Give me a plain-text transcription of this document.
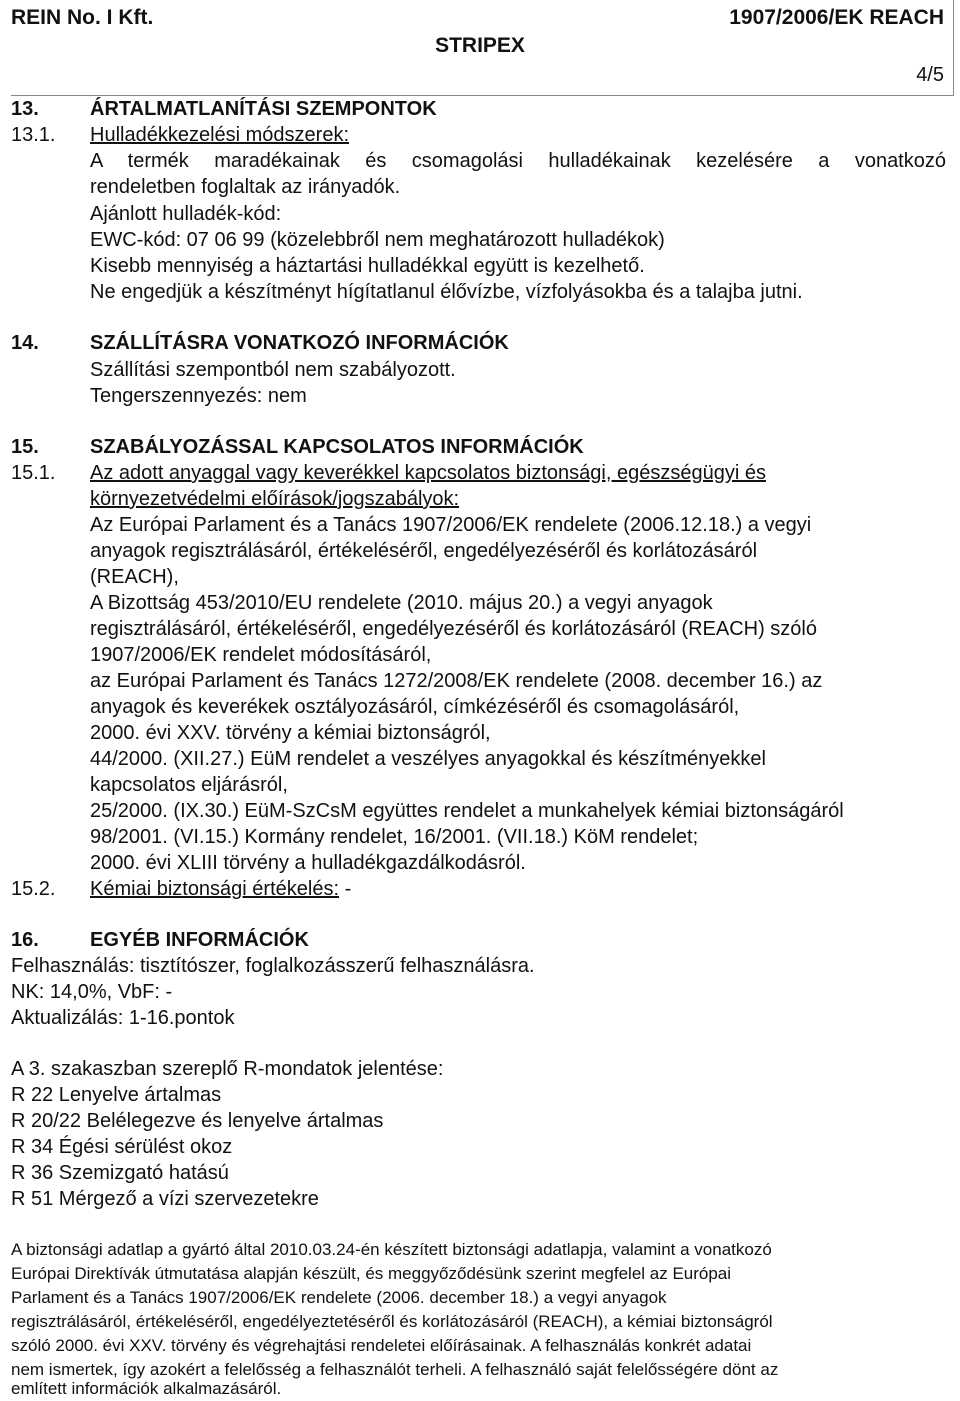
REIN No. I Kft.	1907/2006/EK REACH
STRIPEX
4/5
13.	ÁRTALMATLANÍTÁSI SZEMPONTOK
13.1. Hulladékkezelési módszerek:
A termék maradékainak és csomagolási hulladékainak kezelésére a vonatkozó
rendeletben foglaltak az irányadók.
Ajánlott hulladék-kód:
EWC-kód: 07 06 99 (közelebbről nem meghatározott hulladékok)
Kisebb mennyiség a háztartási hulladékkal együtt is kezelhető.
Ne engedjük a készítményt hígítatlanul élővízbe, vízfolyásokba és a talajba jutni.
14.	SZÁLLÍTÁSRA VONATKOZÓ INFORMÁCIÓK
Szállítási szempontból nem szabályozott.
Tengerszennyezés: nem
15.	SZABÁLYOZÁSSAL KAPCSOLATOS INFORMÁCIÓK
15.1. Az adott anyaggal vagy keverékkel kapcsolatos biztonsági, egészségügyi és
környezetvédelmi előírások/jogszabályok:
Az Európai Parlament és a Tanács 1907/2006/EK rendelete (2006.12.18.) a vegyi
anyagok regisztrálásáról, értékeléséről, engedélyezéséről és korlátozásáról
(REACH),
A Bizottság 453/2010/EU rendelete (2010. május 20.) a vegyi anyagok
regisztrálásáról, értékeléséről, engedélyezéséről és korlátozásáról (REACH) szóló
1907/2006/EK rendelet módosításáról,
az Európai Parlament és Tanács 1272/2008/EK rendelete (2008. december 16.) az
anyagok és keverékek osztályozásáról, címkézéséről és csomagolásáról,
2000. évi XXV. törvény a kémiai biztonságról,
44/2000. (XII.27.) EüM rendelet a veszélyes anyagokkal és készítményekkel
kapcsolatos eljárásról,
25/2000. (IX.30.) EüM-SzCsM együttes rendelet a munkahelyek kémiai biztonságáról
98/2001. (VI.15.) Kormány rendelet, 16/2001. (VII.18.) KöM rendelet;
2000. évi XLIII törvény a hulladékgazdálkodásról.
15.2. Kémiai biztonsági értékelés: -
16.	EGYÉB INFORMÁCIÓK
Felhasználás: tisztítószer, foglalkozásszerű felhasználásra.
NK: 14,0%, VbF: -
Aktualizálás: 1-16.pontok
A 3. szakaszban szereplő R-mondatok jelentése:
R 22 Lenyelve ártalmas
R 20/22 Belélegezve és lenyelve ártalmas
R 34 Égési sérülést okoz
R 36 Szemizgató hatású
R 51 Mérgező a vízi szervezetekre
A biztonsági adatlap a gyártó által 2010.03.24-én készített biztonsági adatlapja, valamint a vonatkozó
Európai Direktívák útmutatása alapján készült, és meggyőződésünk szerint megfelel az Európai
Parlament és a Tanács 1907/2006/EK rendelete (2006. december 18.) a vegyi anyagok
regisztrálásáról, értékeléséről, engedélyeztetéséről és korlátozásáról (REACH), a kémiai biztonságról
szóló 2000. évi XXV. törvény és végrehajtási rendeletei előírásainak. A felhasználás konkrét adatai
nem ismertek, így azokért a felelősség a felhasználót terheli. A felhasználó saját felelősségére dönt az
említett információk alkalmazásáról.
